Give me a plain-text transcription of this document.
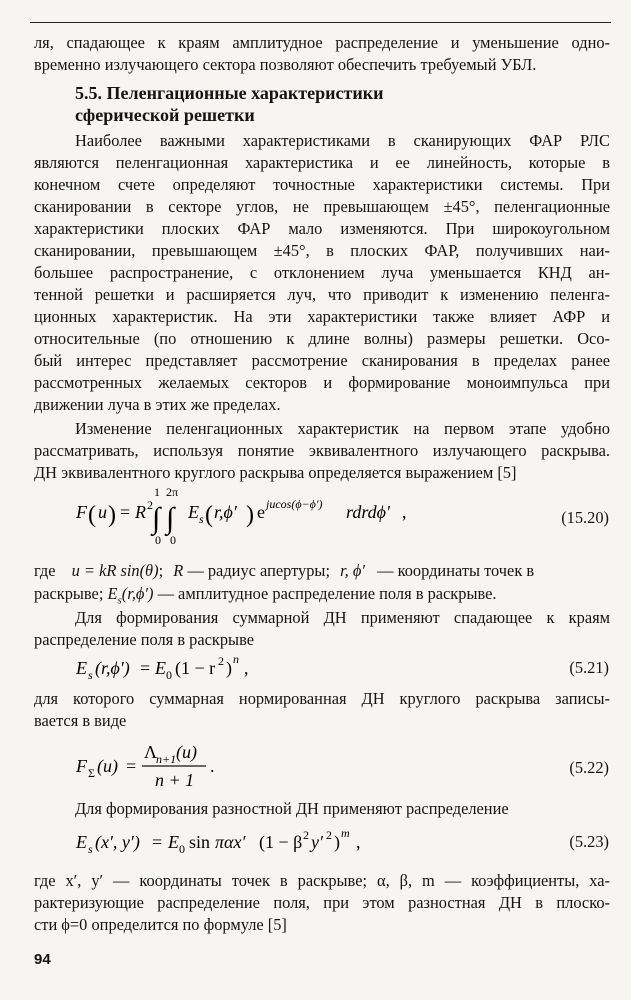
ля, спадающее к краям амплитудное распределение и уменьшение одно-
временно излучающего сектора позволяют обеспечить требуемый УБЛ.
5.5. Пеленгационные характеристики
сферической решетки
Наиболее важными характеристиками в сканирующих ФАР РЛС
являются пеленгационная характеристика и ее линейность, которые в
конечном счете определяют точностные характеристики системы. При
сканировании в секторе углов, не превышающем ±45°, пеленгационные
характеристики плоских ФАР мало изменяются. При широкоугольном
сканировании, превышающем ±45°, в плоских ФАР, получивших наи-
большее распространение, с отклонением луча уменьшается КНД ан-
тенной решетки и расширяется луч, что приводит к изменению пеленга-
ционных характеристик. На эти характеристики также влияет АФР и
относительные (по отношению к длине волны) размеры решетки. Осо-
бый интерес представляет рассмотрение сканирования в пределах ранее
рассмотренных желаемых секторов и формирование моноимпульса при
движении луча в этих же пределах.
Изменение пеленгационных характеристик на первом этапе удобно
рассматривать, используя понятие эквивалентного излучающего раскрыва.
ДН эквивалентного круглого раскрыва определяется выражением [5]
F ( u ) = R 2
1
∫
0
2π
∫
0
E s ( r,ϕ′ ) e jucos(ϕ−ϕ′) rdrdϕ′ ,	(15.20)
где u = kR sin(θ); R — радиус апертуры; r, ϕ′ — координаты точек в
раскрыве; $E_s(r,\phi')$ — амплитудное распределение поля в раскрыве.
Для формирования суммарной ДН применяют спадающее к краям
распределение поля в раскрыве
E s (r,ϕ′) = E 0 (1 − r 2 ) n ,	(5.21)
для которого суммарная нормированная ДН круглого раскрыва записы-
вается в виде
F Σ (u) =
Λ
n+1 (u)
n + 1
.	(5.22)
Для формирования разностной ДН применяют распределение
E s (x′, y′) = E 0 sin παx′ (1 − β 2 y′ 2 ) m ,	(5.23)
где x′, y′ — координаты точек в раскрыве; α, β, m — коэффициенты, ха-
рактеризующие распределение поля, при этом разностная ДН в плоско-
сти ϕ=0 определится по формуле [5]
94
